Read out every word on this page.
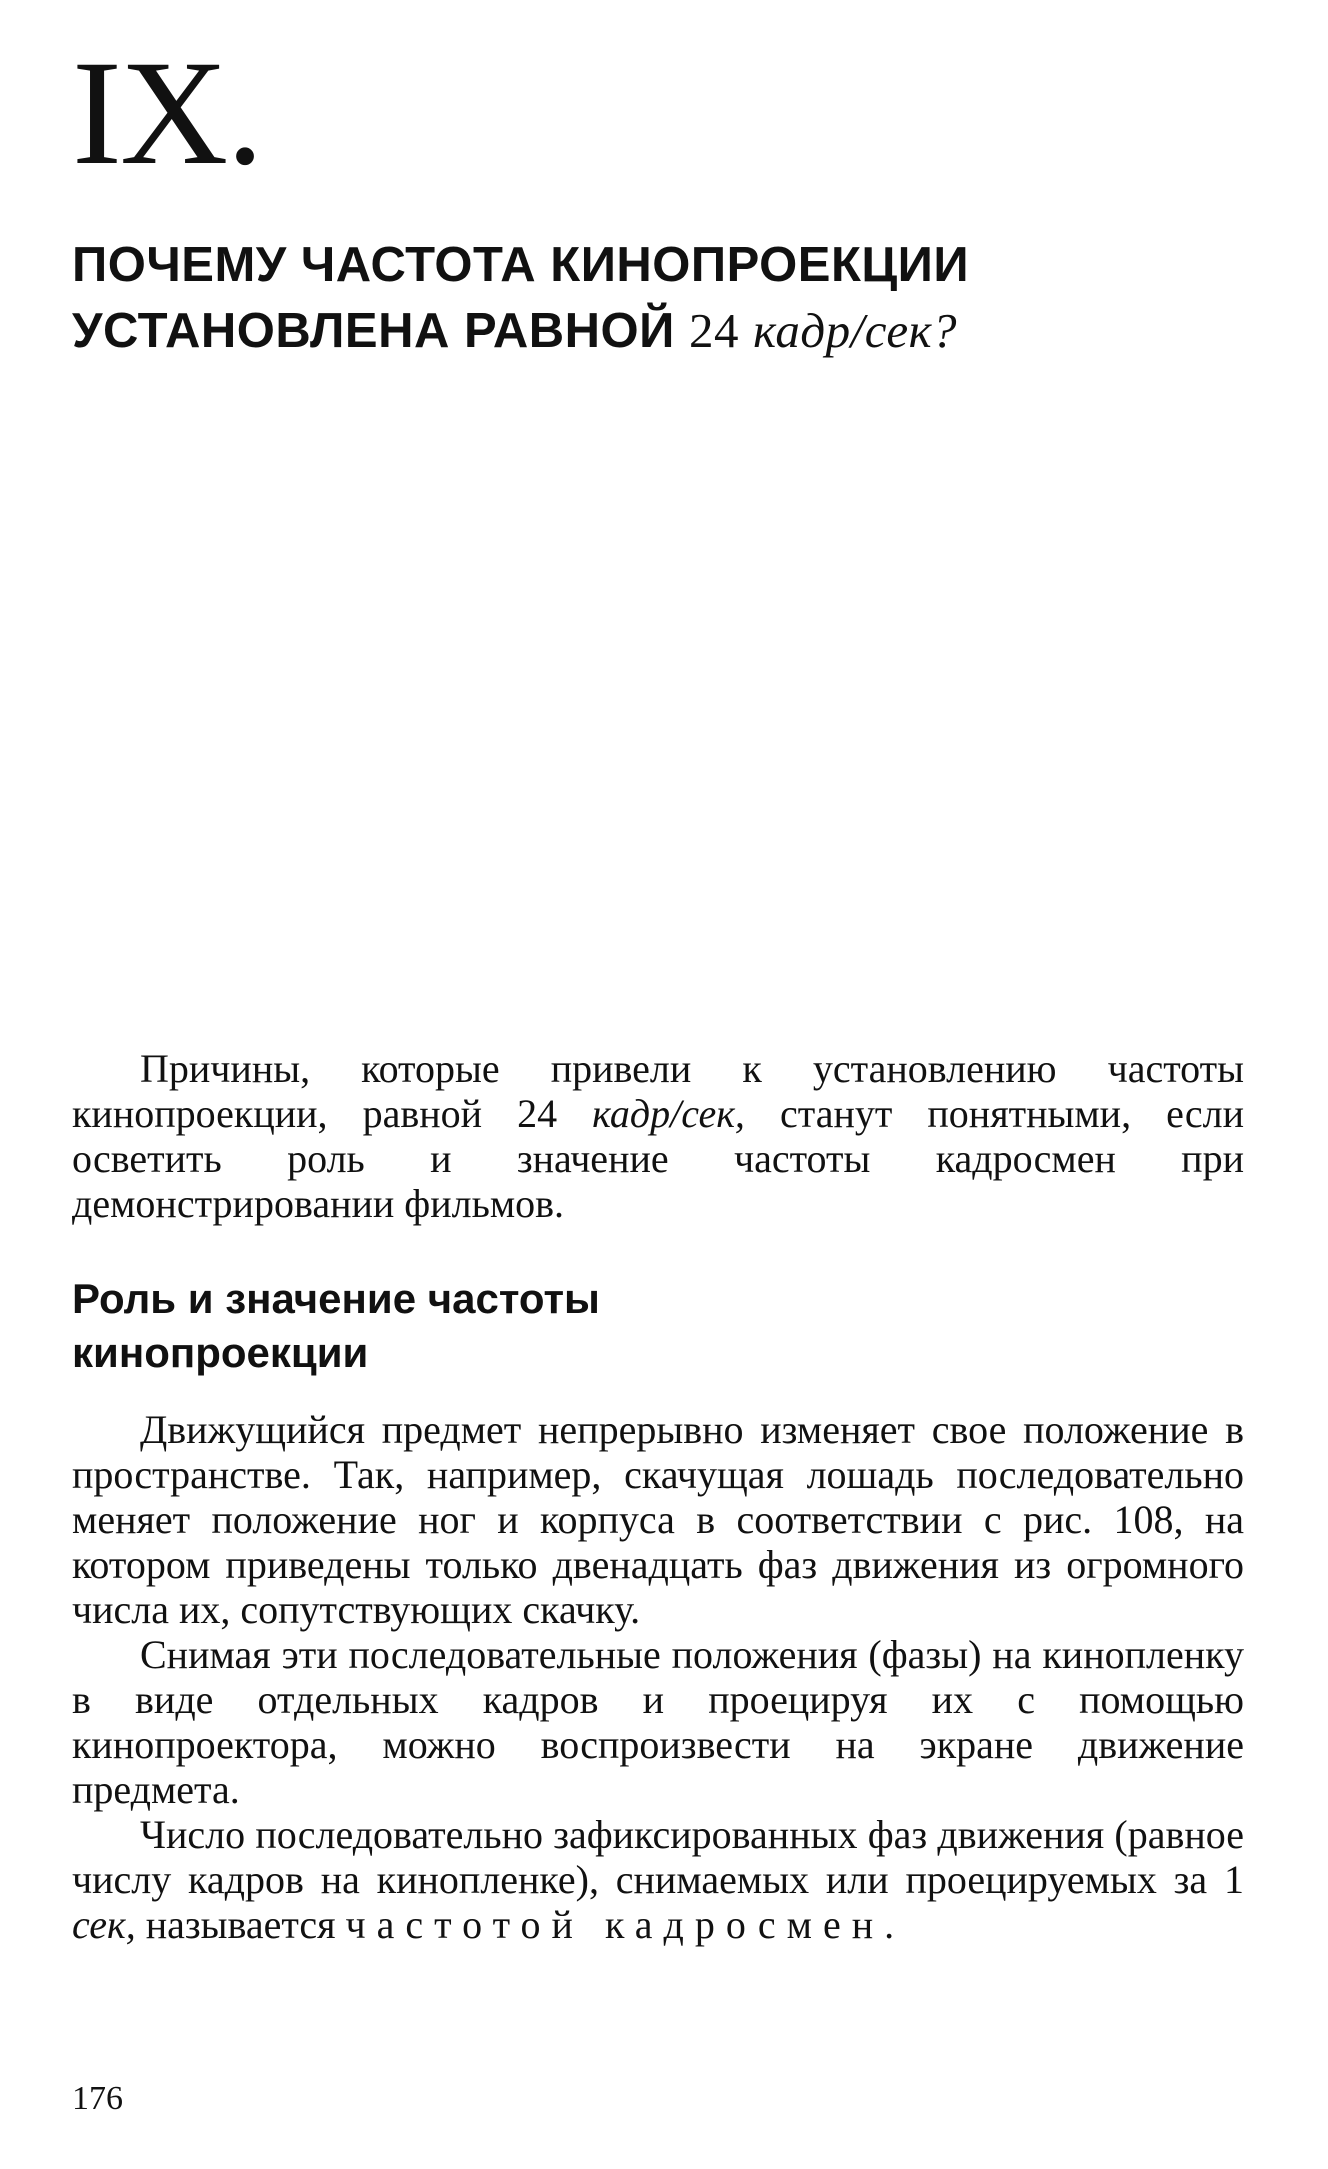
IX.
ПОЧЕМУ ЧАСТОТА КИНОПРОЕКЦИИ
УСТАНОВЛЕНА РАВНОЙ 24 кадр/сек?

Причины, которые привели к установлению частоты кинопроекции, равной 24 кадр/сек, станут понятными, если осветить роль и значение частоты кадросмен при демонстрировании фильмов.

Роль и значение частоты
кинопроекции

Движущийся предмет непрерывно изменяет свое положение в пространстве. Так, например, скачущая лошадь последовательно меняет положение ног и корпуса в соответствии с рис. 108, на котором приведены только двенадцать фаз движения из огромного числа их, сопутствующих скачку.

Снимая эти последовательные положения (фазы) на кинопленку в виде отдельных кадров и проецируя их с помощью кинопроектора, можно воспроизвести на экране движение предмета.

Число последовательно зафиксированных фаз движения (равное числу кадров на кинопленке), снимаемых или проецируемых за 1 сек, называется частотой кадросмен.

176
